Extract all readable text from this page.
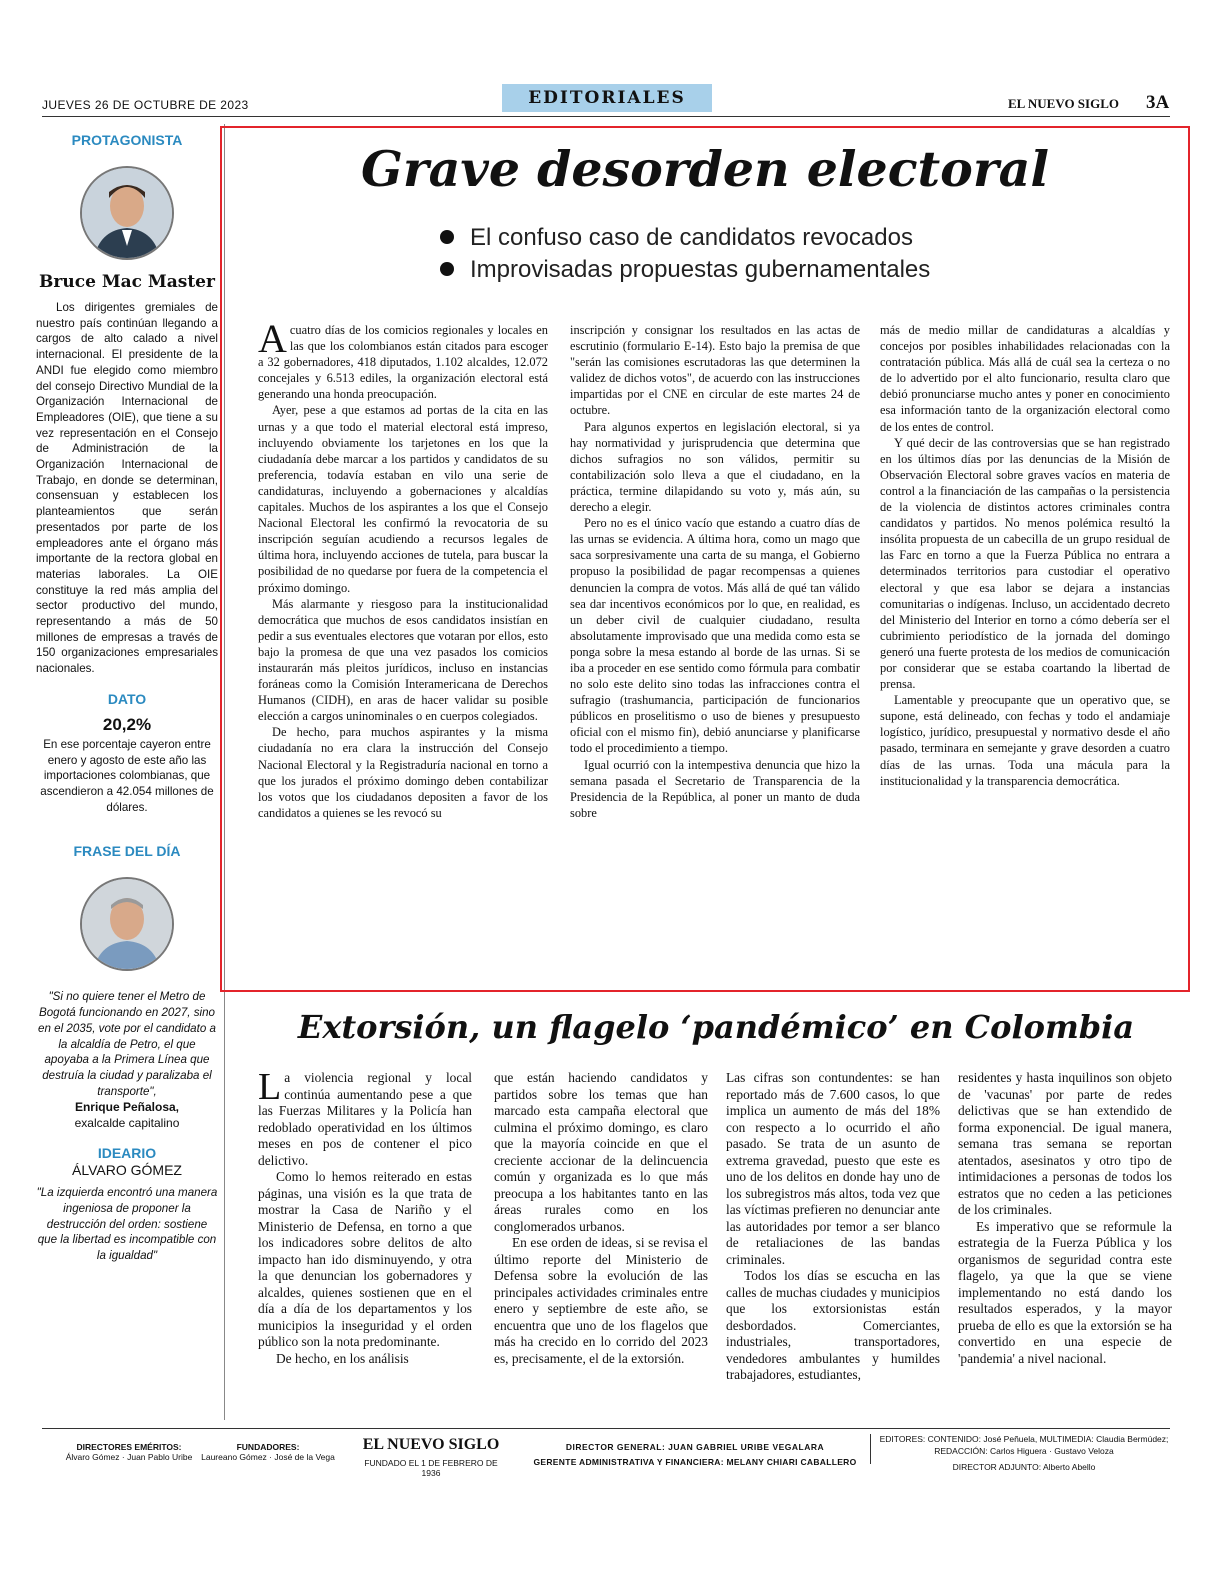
JUEVES 26 DE OCTUBRE DE 2023	EDITORIALES	EL NUEVO SIGLO 3A
PROTAGONISTA
Bruce Mac Master
Los dirigentes gremiales de nuestro país continúan llegando a cargos de alto calado a nivel internacional. El presidente de la ANDI fue elegido como miembro del consejo Directivo Mundial de la Organización Internacional de Empleadores (OIE), que tiene a su vez representación en el Consejo de Administración de la Organización Internacional de Trabajo, en donde se determinan, consensuan y establecen los planteamientos que serán presentados por parte de los empleadores ante el órgano más importante de la rectora global en materias laborales. La OIE constituye la red más amplia del sector productivo del mundo, representando a más de 50 millones de empresas a través de 150 organizaciones empresariales nacionales.
DATO
20,2%
En ese porcentaje cayeron entre enero y agosto de este año las importaciones colombianas, que ascendieron a 42.054 millones de dólares.
FRASE DEL DÍA
"Si no quiere tener el Metro de Bogotá funcionando en 2027, sino en el 2035, vote por el candidato a la alcaldía de Petro, el que apoyaba a la Primera Línea que destruía la ciudad y paralizaba el transporte",
Enrique Peñalosa,
exalcalde capitalino
IDEARIO
ÁLVARO GÓMEZ
"La izquierda encontró una manera ingeniosa de proponer la destrucción del orden: sostiene que la libertad es incompatible con la igualdad"
Grave desorden electoral
El confuso caso de candidatos revocados
Improvisadas propuestas gubernamentales

Acuatro días de los comicios regionales y locales en las que los colombianos están citados para escoger a 32 gobernadores, 418 diputados, 1.102 alcaldes, 12.072 concejales y 6.513 ediles, la organización electoral está generando una honda preocupación.

Ayer, pese a que estamos ad portas de la cita en las urnas y a que todo el material electoral está impreso, incluyendo obviamente los tarjetones en los que la ciudadanía debe marcar a los partidos y candidatos de su preferencia, todavía estaban en vilo una serie de candidaturas, incluyendo a gobernaciones y alcaldías capitales. Muchos de los aspirantes a los que el Consejo Nacional Electoral les confirmó la revocatoria de su inscripción seguían acudiendo a recursos legales de última hora, incluyendo acciones de tutela, para buscar la posibilidad de no quedarse por fuera de la competencia el próximo domingo.

Más alarmante y riesgoso para la institucionalidad democrática que muchos de esos candidatos insistían en pedir a sus eventuales electores que votaran por ellos, esto bajo la promesa de que una vez pasados los comicios instaurarán más pleitos jurídicos, incluso en instancias foráneas como la Comisión Interamericana de Derechos Humanos (CIDH), en aras de hacer validar su posible elección a cargos uninominales o en cuerpos colegiados.

De hecho, para muchos aspirantes y la misma ciudadanía no era clara la instrucción del Consejo Nacional Electoral y la Registraduría nacional en torno a que los jurados el próximo domingo deben contabilizar los votos que los ciudadanos depositen a favor de los candidatos a quienes se les revocó su

inscripción y consignar los resultados en las actas de escrutinio (formulario E-14). Esto bajo la premisa de que "serán las comisiones escrutadoras las que determinen la validez de dichos votos", de acuerdo con las instrucciones impartidas por el CNE en circular de este martes 24 de octubre.

Para algunos expertos en legislación electoral, si ya hay normatividad y jurisprudencia que determina que dichos sufragios no son válidos, permitir su contabilización solo lleva a que el ciudadano, en la práctica, termine dilapidando su voto y, más aún, su derecho a elegir.

Pero no es el único vacío que estando a cuatro días de las urnas se evidencia. A última hora, como un mago que saca sorpresivamente una carta de su manga, el Gobierno propuso la posibilidad de pagar recompensas a quienes denuncien la compra de votos. Más allá de qué tan válido sea dar incentivos económicos por lo que, en realidad, es un deber civil de cualquier ciudadano, resulta absolutamente improvisado que una medida como esta se ponga sobre la mesa estando al borde de las urnas. Si se iba a proceder en ese sentido como fórmula para combatir no solo este delito sino todas las infracciones contra el sufragio (trashumancia, participación de funcionarios públicos en proselitismo o uso de bienes y presupuesto oficial con el mismo fin), debió anunciarse y planificarse todo el procedimiento a tiempo.

Igual ocurrió con la intempestiva denuncia que hizo la semana pasada el Secretario de Transparencia de la Presidencia de la República, al poner un manto de duda sobre

más de medio millar de candidaturas a alcaldías y concejos por posibles inhabilidades relacionadas con la contratación pública. Más allá de cuál sea la certeza o no de lo advertido por el alto funcionario, resulta claro que debió pronunciarse mucho antes y poner en conocimiento esa información tanto de la organización electoral como de los entes de control.

Y qué decir de las controversias que se han registrado en los últimos días por las denuncias de la Misión de Observación Electoral sobre graves vacíos en materia de control a la financiación de las campañas o la persistencia de la violencia de distintos actores criminales contra candidatos y partidos. No menos polémica resultó la insólita propuesta de un cabecilla de un grupo residual de las Farc en torno a que la Fuerza Pública no entrara a determinados territorios para custodiar el operativo electoral y que esa labor se dejara a instancias comunitarias o indígenas. Incluso, un accidentado decreto del Ministerio del Interior en torno a cómo debería ser el cubrimiento periodístico de la jornada del domingo generó una fuerte protesta de los medios de comunicación por considerar que se estaba coartando la libertad de prensa.

Lamentable y preocupante que un operativo que, se supone, está delineado, con fechas y todo el andamiaje logístico, jurídico, presupuestal y normativo desde el año pasado, terminara en semejante y grave desorden a cuatro días de las urnas. Toda una mácula para la institucionalidad y la transparencia democrática.

Extorsión, un flagelo ‘pandémico’ en Colombia

La violencia regional y local continúa aumentando pese a que las Fuerzas Militares y la Policía han redoblado operatividad en los últimos meses en pos de contener el pico delictivo.

Como lo hemos reiterado en estas páginas, una visión es la que trata de mostrar la Casa de Nariño y el Ministerio de Defensa, en torno a que los indicadores sobre delitos de alto impacto han ido disminuyendo, y otra la que denuncian los gobernadores y alcaldes, quienes sostienen que en el día a día de los departamentos y los municipios la inseguridad y el orden público son la nota predominante.

De hecho, en los análisis

que están haciendo candidatos y partidos sobre los temas que han marcado esta campaña electoral que culmina el próximo domingo, es claro que la mayoría coincide en que el creciente accionar de la delincuencia común y organizada es lo que más preocupa a los habitantes tanto en las áreas rurales como en los conglomerados urbanos.

En ese orden de ideas, si se revisa el último reporte del Ministerio de Defensa sobre la evolución de las principales actividades criminales entre enero y septiembre de este año, se encuentra que uno de los flagelos que más ha crecido en lo corrido del 2023 es, precisamente, el de la extorsión.

Las cifras son contundentes: se han reportado más de 7.600 casos, lo que implica un aumento de más del 18% con respecto a lo ocurrido el año pasado. Se trata de un asunto de extrema gravedad, puesto que este es uno de los delitos en donde hay uno de los subregistros más altos, toda vez que las víctimas prefieren no denunciar ante las autoridades por temor a ser blanco de retaliaciones de las bandas criminales.

Todos los días se escucha en las calles de muchas ciudades y municipios que los extorsionistas están desbordados. Comerciantes, industriales, transportadores, vendedores ambulantes y humildes trabajadores, estudiantes,

residentes y hasta inquilinos son objeto de 'vacunas' por parte de redes delictivas que se han extendido de forma exponencial. De igual manera, semana tras semana se reportan atentados, asesinatos y otro tipo de intimidaciones a personas de todos los estratos que no ceden a las peticiones de los criminales.

Es imperativo que se reformule la estrategia de la Fuerza Pública y los organismos de seguridad contra este flagelo, ya que la que se viene implementando no está dando los resultados esperados, y la mayor prueba de ello es que la extorsión se ha convertido en una especie de 'pandemia' a nivel nacional.

DIRECTORES EMÉRITOS:
Álvaro Gómez · Juan Pablo Uribe
FUNDADORES:
Laureano Gómez · José de la Vega
EL NUEVO SIGLO
FUNDADO EL 1 DE FEBRERO DE 1936
DIRECTOR GENERAL: JUAN GABRIEL URIBE VEGALARA
GERENTE ADMINISTRATIVA Y FINANCIERA: MELANY CHIARI CABALLERO
EDITORES: CONTENIDO: José Peñuela, MULTIMEDIA: Claudia Bermúdez;
REDACCIÓN: Carlos Higuera · Gustavo Veloza
DIRECTOR ADJUNTO: Alberto Abello
